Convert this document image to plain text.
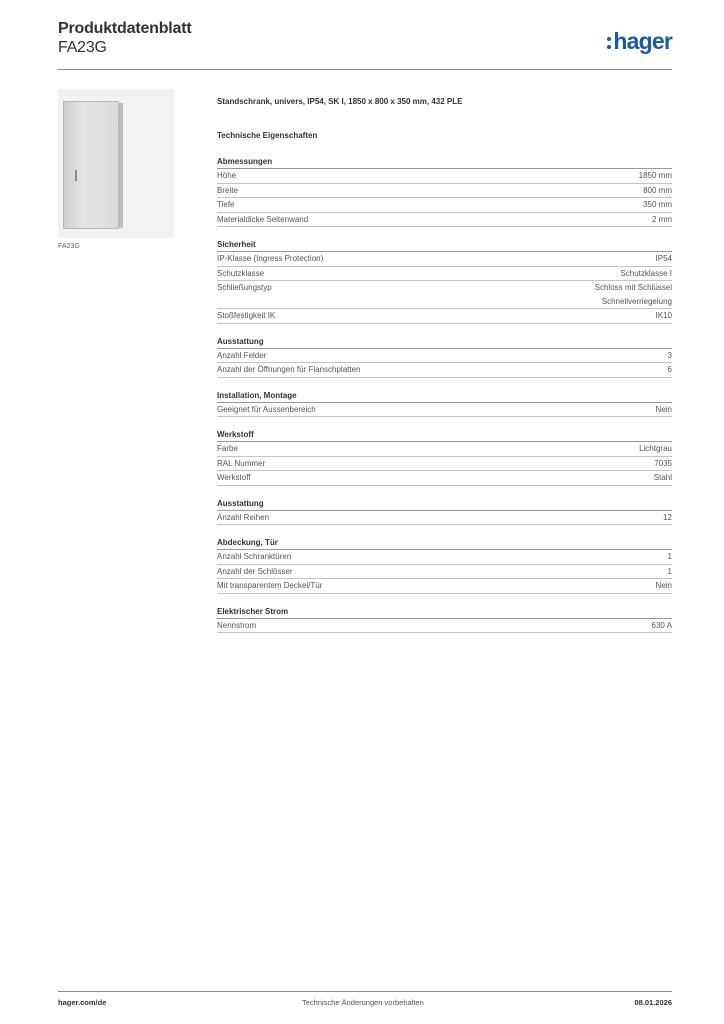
Produktdatenblatt
FA23G	hager
FA23G
Standschrank, univers, IP54, SK I, 1850 x 800 x 350 mm, 432 PLE
Technische Eigenschaften
Abmessungen
Höhe	1850 mm
Breite	800 mm
Tiefe	350 mm
Materialdicke Seitenwand	2 mm
Sicherheit
IP-Klasse (Ingress Protection)	IP54
Schutzklasse	Schutzklasse I
Schließungstyp	Schloss mit Schlüssel
Schnellverriegelung
Stoßfestigkeit IK	IK10
Ausstattung
Anzahl Felder	3
Anzahl der Öffnungen für Flanschplatten	6
Installation, Montage
Geeignet für Aussenbereich	Nein
Werkstoff
Farbe	Lichtgrau
RAL Nummer	7035
Werkstoff	Stahl
Ausstattung
Anzahl Reihen	12
Abdeckung, Tür
Anzahl Schranktüren	1
Anzahl der Schlösser	1
Mit transparentem Deckel/Tür	Nein
Elektrischer Strom
Nennstrom	630 A
hager.com/de	Technische Änderungen vorbehalten	08.01.2026
